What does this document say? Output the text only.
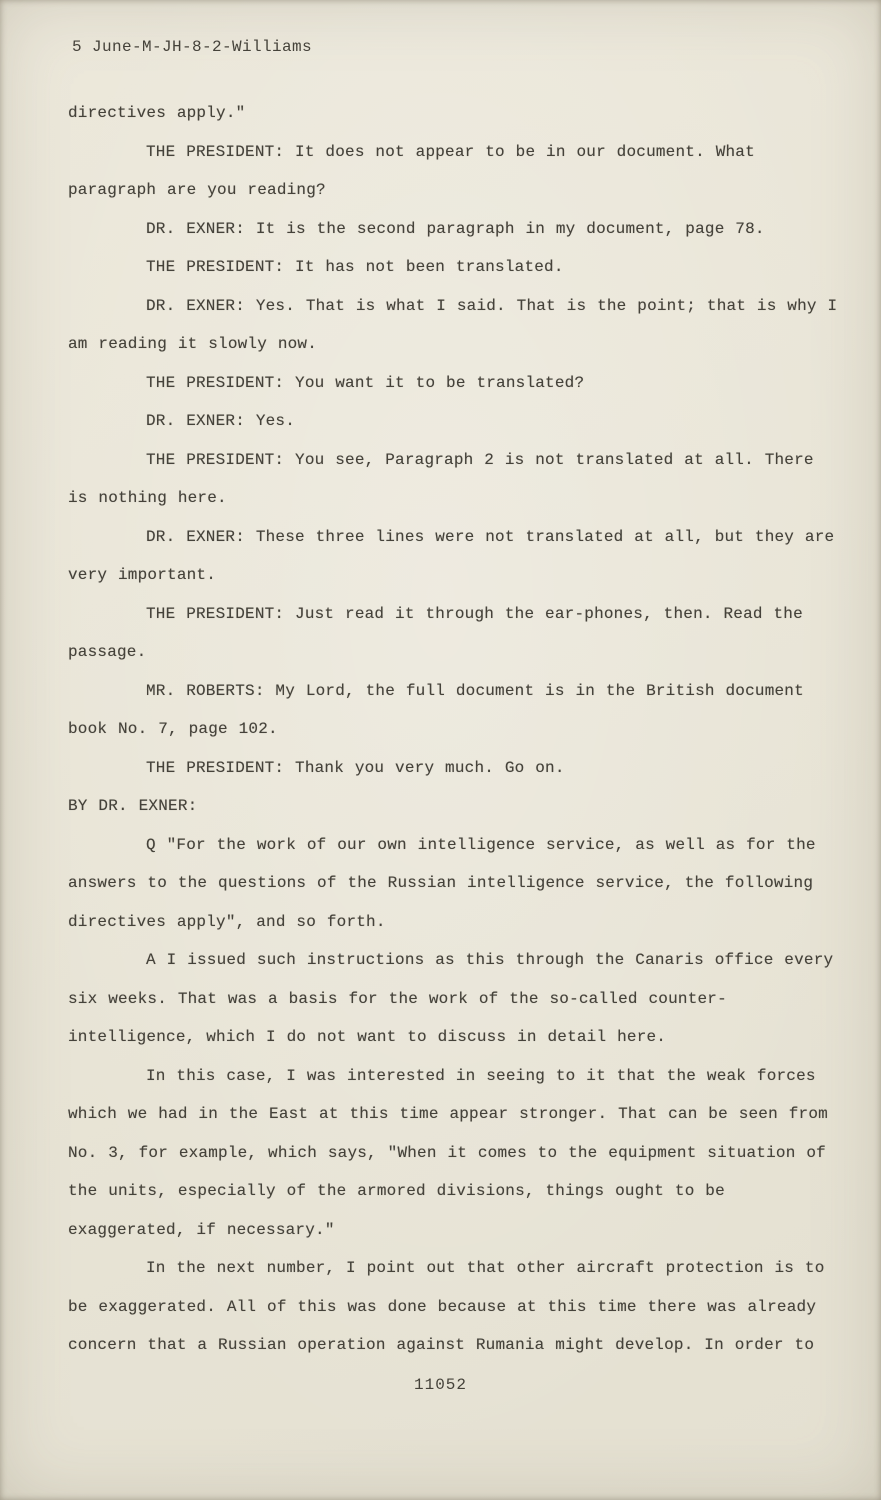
5 June-M-JH-8-2-Williams

directives apply."

THE PRESIDENT: It does not appear to be in our document. What paragraph are you reading?

DR. EXNER: It is the second paragraph in my document, page 78.

THE PRESIDENT: It has not been translated.

DR. EXNER: Yes. That is what I said. That is the point; that is why I am reading it slowly now.

THE PRESIDENT: You want it to be translated?

DR. EXNER: Yes.

THE PRESIDENT: You see, Paragraph 2 is not translated at all. There is nothing here.

DR. EXNER: These three lines were not translated at all, but they are very important.

THE PRESIDENT: Just read it through the ear-phones, then. Read the passage.

MR. ROBERTS: My Lord, the full document is in the British document book No. 7, page 102.

THE PRESIDENT: Thank you very much. Go on.

BY DR. EXNER:

Q "For the work of our own intelligence service, as well as for the answers to the questions of the Russian intelligence service, the following directives apply", and so forth.

A I issued such instructions as this through the Canaris office every six weeks. That was a basis for the work of the so-called counter-intelligence, which I do not want to discuss in detail here.

In this case, I was interested in seeing to it that the weak forces which we had in the East at this time appear stronger. That can be seen from No. 3, for example, which says, "When it comes to the equipment situation of the units, especially of the armored divisions, things ought to be exaggerated, if necessary."

In the next number, I point out that other aircraft protection is to be exaggerated. All of this was done because at this time there was already concern that a Russian operation against Rumania might develop. In order to

11052
